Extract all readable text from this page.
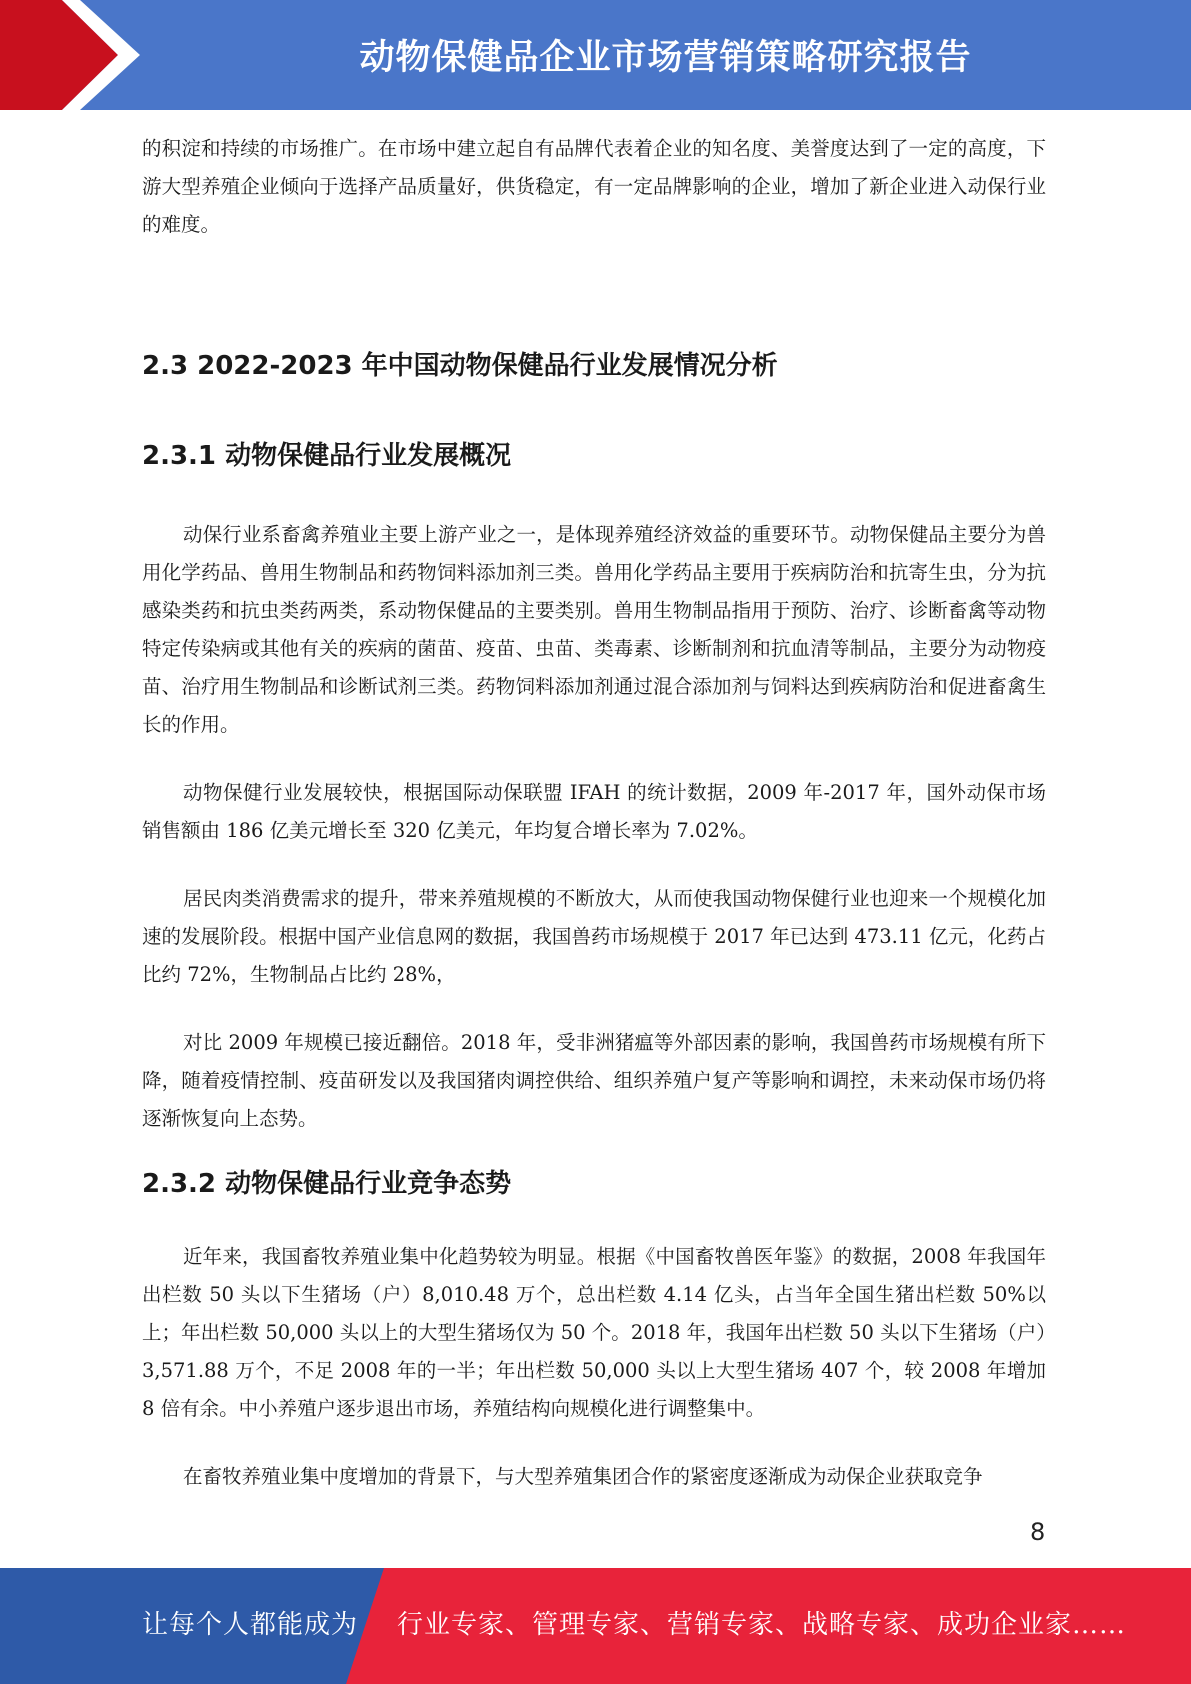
动物保健品企业市场营销策略研究报告

的积淀和持续的市场推广。在市场中建立起自有品牌代表着企业的知名度、美誉度达到了一定的高度，下游大型养殖企业倾向于选择产品质量好，供货稳定，有一定品牌影响的企业，增加了新企业进入动保行业的难度。

2.3 2022-2023 年中国动物保健品行业发展情况分析
2.3.1 动物保健品行业发展概况

动保行业系畜禽养殖业主要上游产业之一，是体现养殖经济效益的重要环节。动物保健品主要分为兽用化学药品、兽用生物制品和药物饲料添加剂三类。兽用化学药品主要用于疾病防治和抗寄生虫，分为抗感染类药和抗虫类药两类，系动物保健品的主要类别。兽用生物制品指用于预防、治疗、诊断畜禽等动物特定传染病或其他有关的疾病的菌苗、疫苗、虫苗、类毒素、诊断制剂和抗血清等制品，主要分为动物疫苗、治疗用生物制品和诊断试剂三类。药物饲料添加剂通过混合添加剂与饲料达到疾病防治和促进畜禽生长的作用。

动物保健行业发展较快，根据国际动保联盟 IFAH 的统计数据，2009 年-2017 年，国外动保市场销售额由 186 亿美元增长至 320 亿美元，年均复合增长率为 7.02%。

居民肉类消费需求的提升，带来养殖规模的不断放大，从而使我国动物保健行业也迎来一个规模化加速的发展阶段。根据中国产业信息网的数据，我国兽药市场规模于 2017 年已达到 473.11 亿元，化药占比约 72%，生物制品占比约 28%，

对比 2009 年规模已接近翻倍。2018 年，受非洲猪瘟等外部因素的影响，我国兽药市场规模有所下降，随着疫情控制、疫苗研发以及我国猪肉调控供给、组织养殖户复产等影响和调控，未来动保市场仍将逐渐恢复向上态势。

2.3.2 动物保健品行业竞争态势

近年来，我国畜牧养殖业集中化趋势较为明显。根据《中国畜牧兽医年鉴》的数据，2008 年我国年出栏数 50 头以下生猪场（户）8,010.48 万个，总出栏数 4.14 亿头，占当年全国生猪出栏数 50%以上；年出栏数 50,000 头以上的大型生猪场仅为 50 个。2018 年，我国年出栏数 50 头以下生猪场（户）3,571.88 万个，不足 2008 年的一半；年出栏数 50,000 头以上大型生猪场 407 个，较 2008 年增加 8 倍有余。中小养殖户逐步退出市场，养殖结构向规模化进行调整集中。

在畜牧养殖业集中度增加的背景下，与大型养殖集团合作的紧密度逐渐成为动保企业获取竞争

8
让每个人都能成为 行业专家、管理专家、营销专家、战略专家、成功企业家……
